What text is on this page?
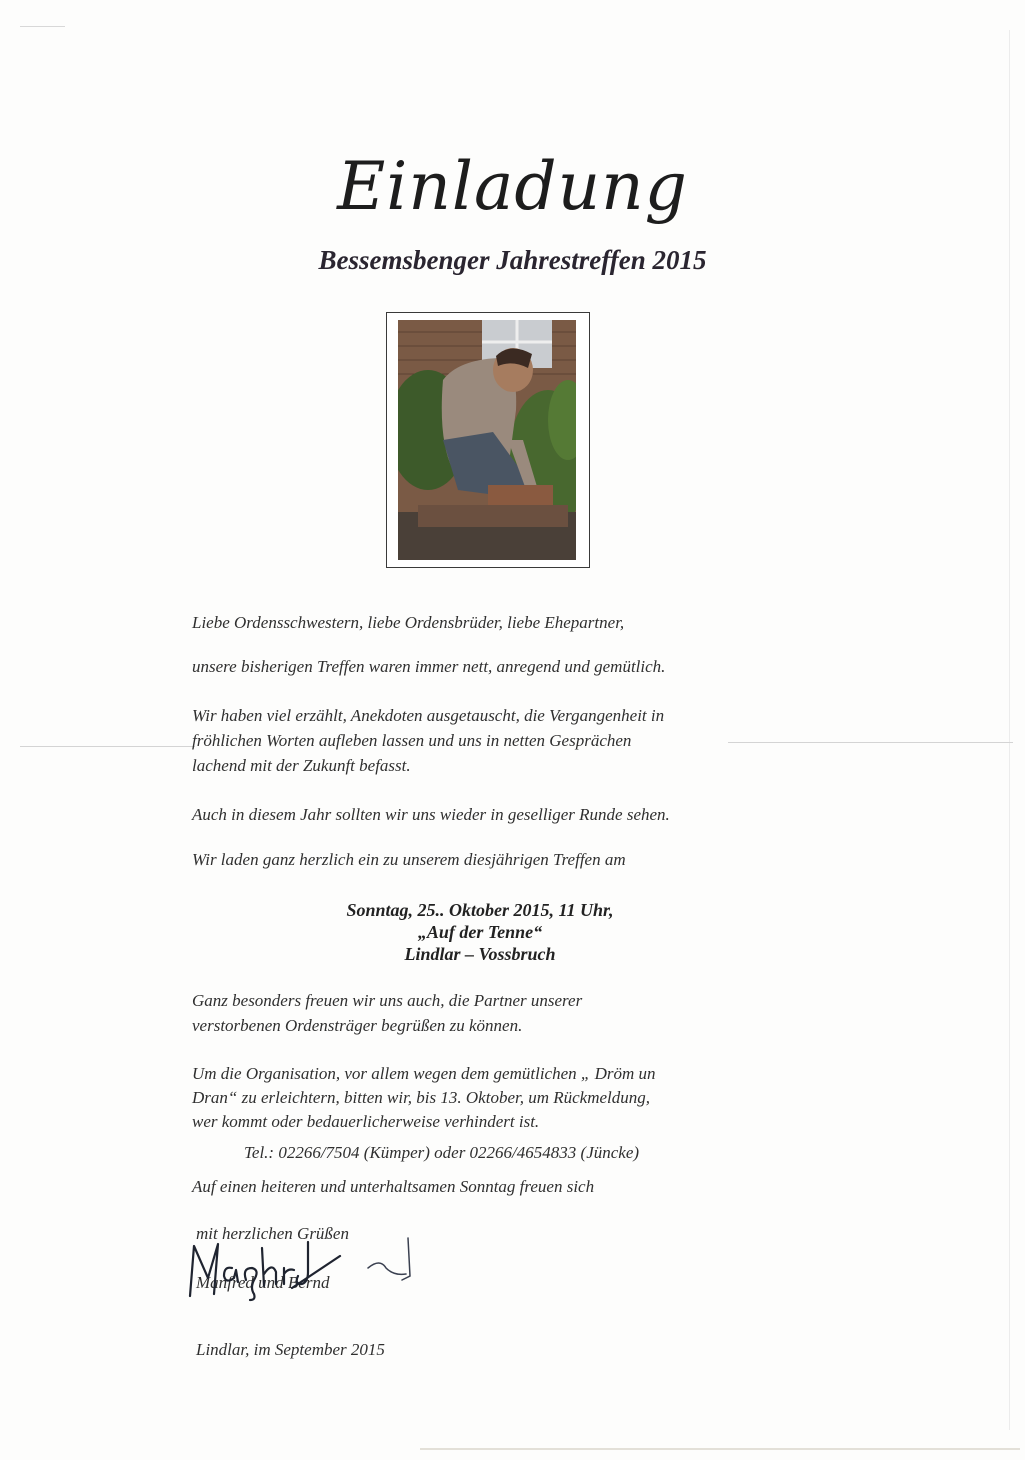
Einladung
Bessemsbenger Jahrestreffen 2015
Liebe Ordensschwestern, liebe Ordensbrüder, liebe Ehepartner,
unsere bisherigen Treffen waren immer nett, anregend und gemütlich.
Wir haben viel erzählt, Anekdoten ausgetauscht, die Vergangenheit in
fröhlichen Worten aufleben lassen und uns in netten Gesprächen
lachend mit der Zukunft befasst.
Auch in diesem Jahr sollten wir uns wieder in geselliger Runde sehen.
Wir laden ganz herzlich ein zu unserem diesjährigen Treffen am
Sonntag, 25.. Oktober 2015, 11 Uhr,
„Auf der Tenne“
Lindlar – Vossbruch
Ganz besonders freuen wir uns auch, die Partner unserer
verstorbenen Ordensträger begrüßen zu können.
Um die Organisation, vor allem wegen dem gemütlichen „ Dröm un
Dran“ zu erleichtern, bitten wir, bis 13. Oktober, um Rückmeldung,
wer kommt oder bedauerlicherweise verhindert ist.
Tel.: 02266/7504 (Kümper) oder 02266/4654833 (Jüncke)
Auf einen heiteren und unterhaltsamen Sonntag freuen sich
mit herzlichen Grüßen
Manfred und Bernd
Lindlar, im September 2015
